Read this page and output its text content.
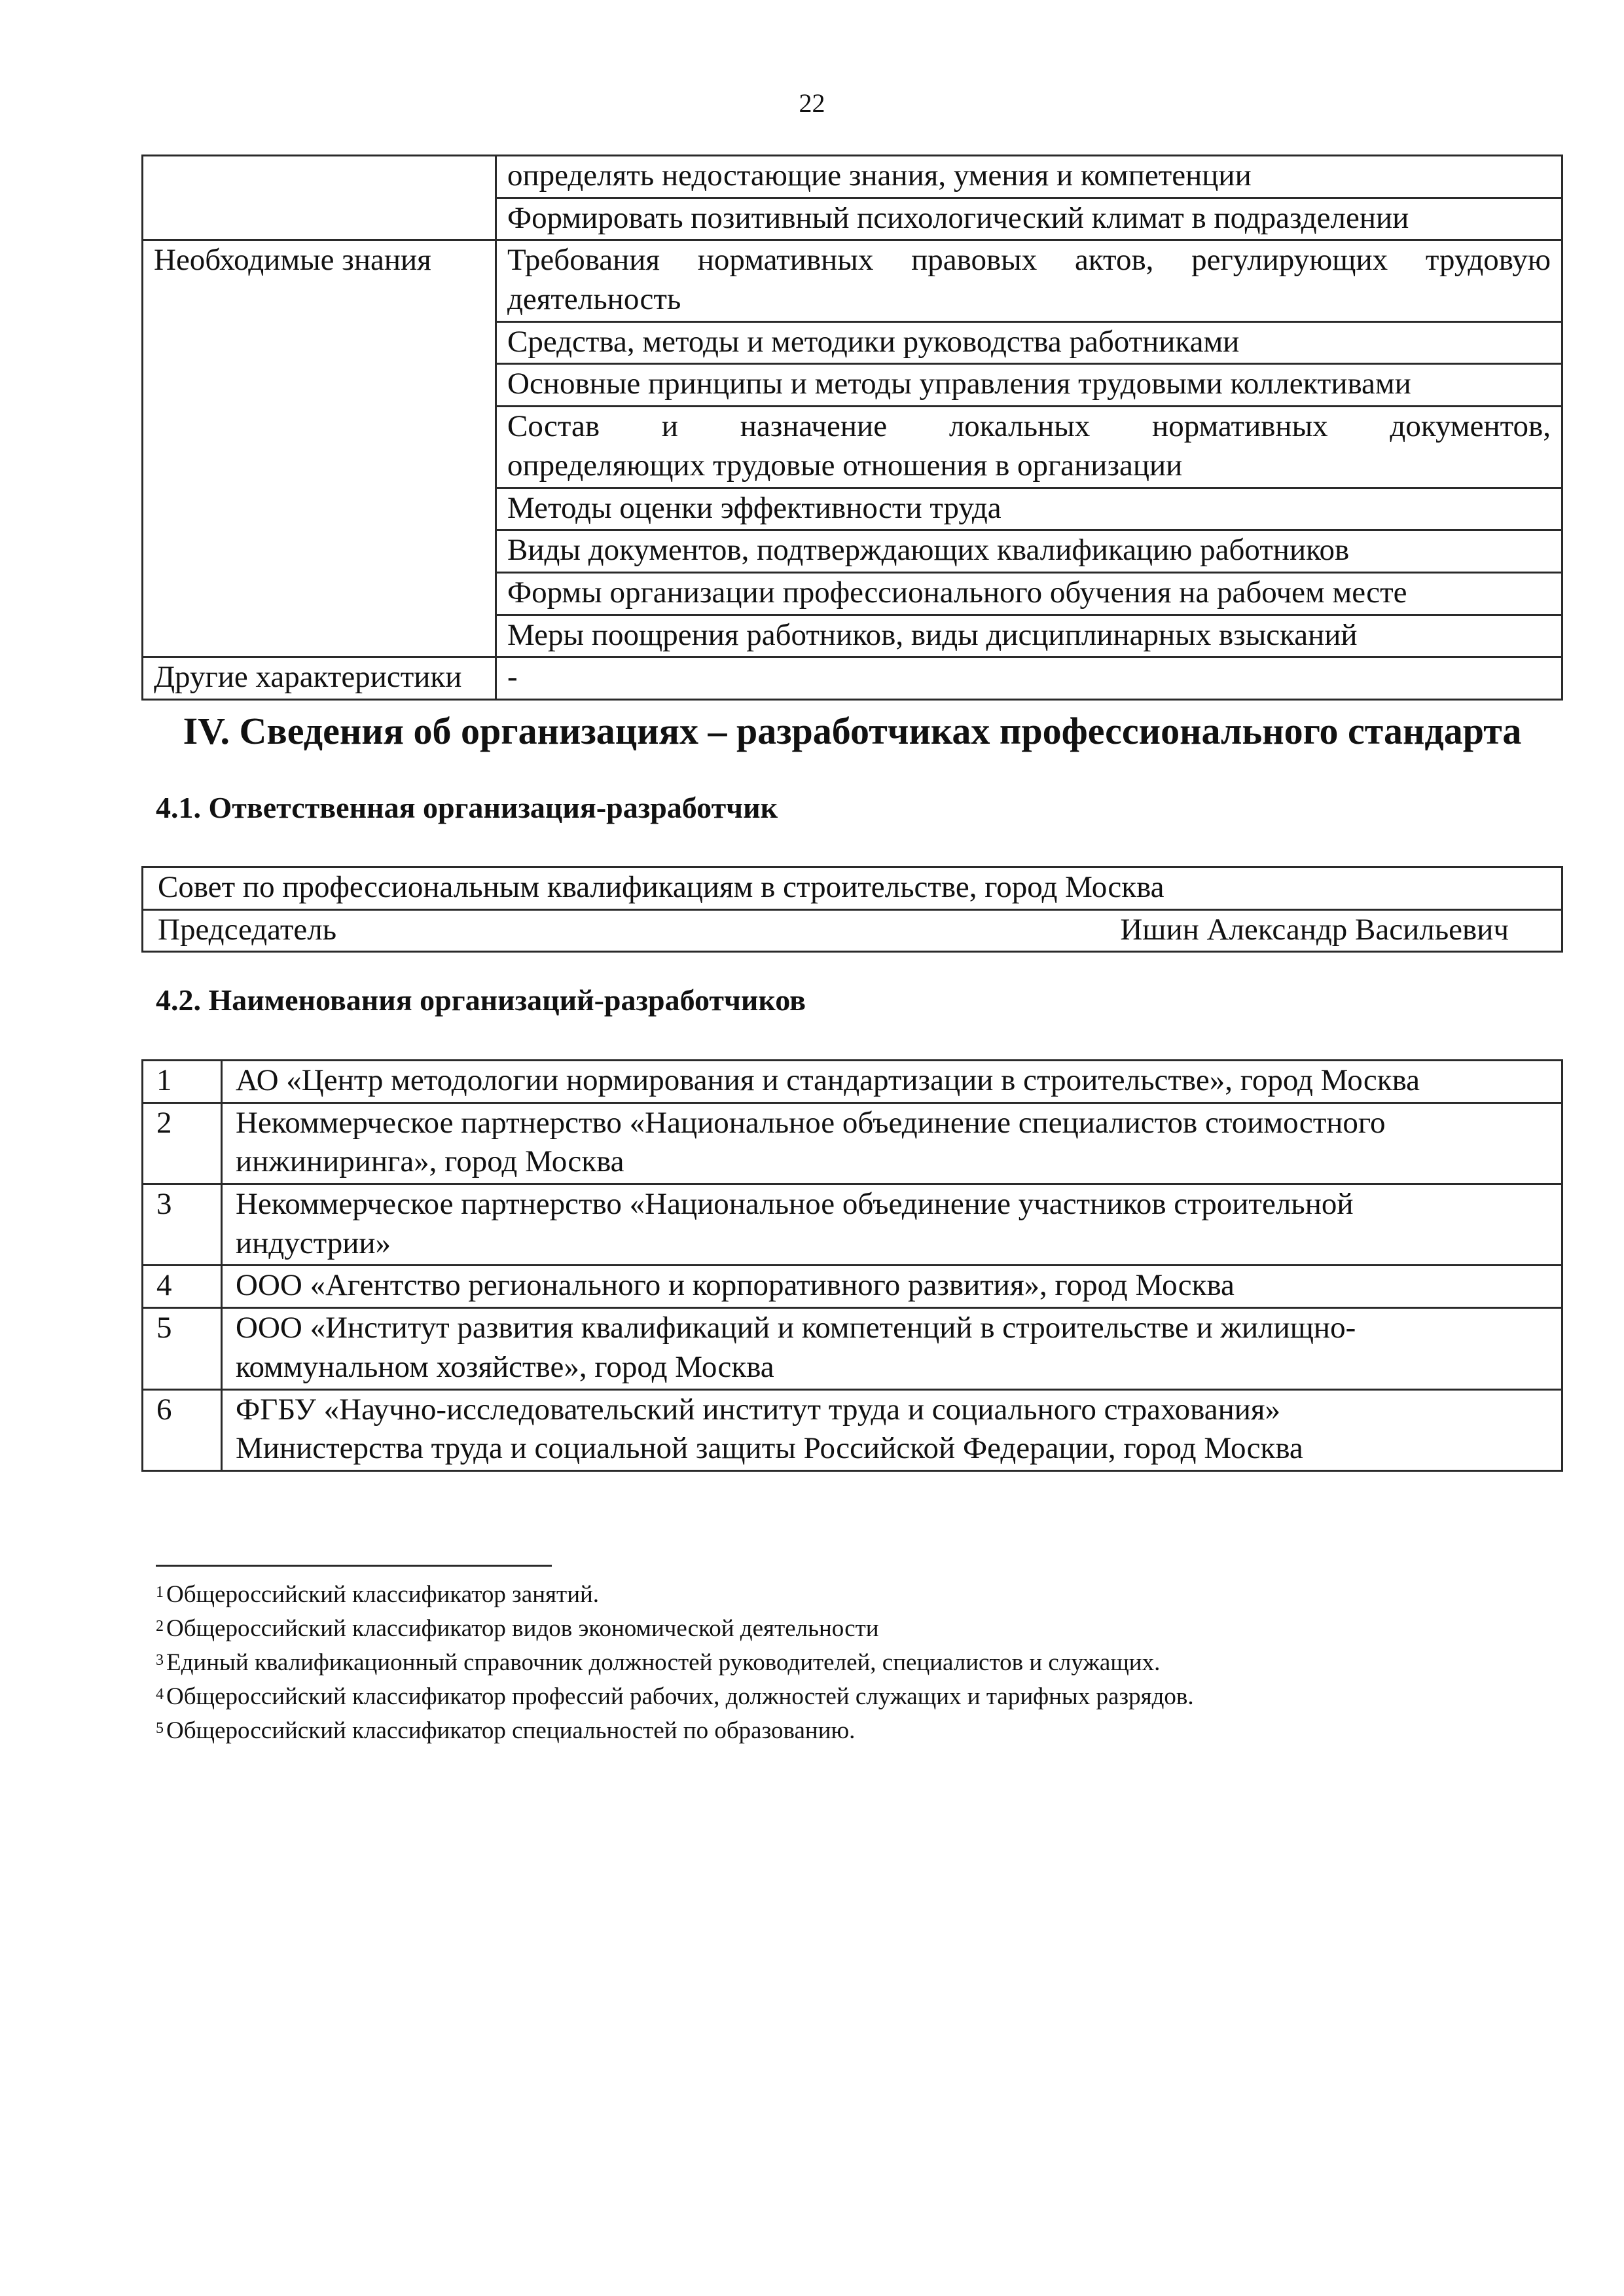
22
	определять недостающие знания, умения и компетенции
	Формировать позитивный психологический климат в подразделении
Необходимые знания	Требования нормативных правовых актов, регулирующих трудовую деятельность
	Средства, методы и методики руководства работниками
	Основные принципы и методы управления трудовыми коллективами

	Состав и назначение локальных нормативных документов,
определяющих трудовые отношения в организации

	Методы оценки эффективности труда
	Виды документов, подтверждающих квалификацию работников
	Формы организации профессионального обучения на рабочем месте
	Меры поощрения работников, виды дисциплинарных взысканий
Другие характеристики	-
IV. Сведения об организациях – разработчиках профессионального стандарта
4.1. Ответственная организация-разработчик
Совет по профессиональным квалификациям в строительстве, город Москва

Председатель	Ишин Александр Васильевич
4.2. Наименования организаций-разработчиков
1	АО «Центр методологии нормирования и стандартизации в строительстве», город Москва

2	Некоммерческое партнерство «Национальное объединение специалистов стоимостного
инжиниринга», город Москва

3	Некоммерческое партнерство «Национальное объединение участников строительной
индустрии»

4	ООО «Агентство регионального и корпоративного развития», город Москва

5	ООО «Институт развития квалификаций и компетенций в строительстве и жилищно-
коммунальном хозяйстве», город Москва

6	ФГБУ «Научно-исследовательский институт труда и социального страхования»
Министерства труда и социальной защиты Российской Федерации, город Москва
$^1$ Общероссийский классификатор занятий.
$^2$ Общероссийский классификатор видов экономической деятельности
$^3$ Единый квалификационный справочник должностей руководителей, специалистов и служащих.
$^4$ Общероссийский классификатор профессий рабочих, должностей служащих и тарифных разрядов.
$^5$ Общероссийский классификатор специальностей по образованию.
